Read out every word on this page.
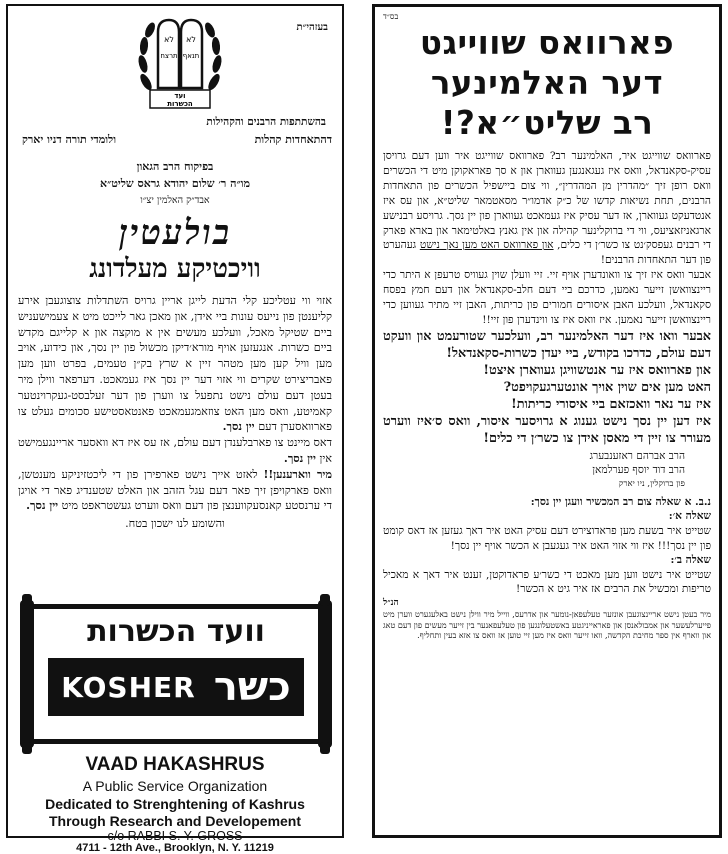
בעזהי״ת
לא
תרצח
לא
תנאף
ועד
הכשרות
בהשתתפות הרבנים והקהילות
דהתאחדות קהלות
ולומדי תורה דניו יארק
בפיקוח הרב הגאון
מו״ה ר׳ שלום יהודא גראס שליט״א
אבד״ק האלמין יצ״ו
בולעטין
וויכטיקע מעלדונג

אזוי ווי עטליכע קלי הדעת לייגן אריין גרויס השתדלות צוצוגעבן אירע קליענטן פון נייעס עונות ביי אידן, און מאכן גאר לייכט מיט א צעמישעניש ביים שטיקל מאכל, וועלכע מעשים אין א מוקצה און א קלייגם מקדש ביים כשרות. אנגעזען אויף מורא׳דיקן מכשול פון יין נסך, און כידוע, אויב מען וויל קען מען מטהר זיין א שרץ בק״ן טעמים, בפרט ווען מען פאבריצירט שקרים ווי אזוי דער יין נסך איז געמאכט. דערפאר ווילן מיר בעטן דעם עולם נישט נתפעל צו ווערן פון דער זעלבסט-געקרוינטער קאמיטע, וואס מען האט צוזאמגעמאכט פאנטאסטישע סכומים געלט צו פארוואסערן דעם יין נסך.

דאס מיינט צו פארבלענדן דעם עולם, אז עס איז דא וואסער אריינגעמישט אין יין נסך.

מיר ווארענען!! לאזט אייך נישט פארפירן פון די ליכטזיניקע מענטשן, וואס פארקויפן זיך פאר דעם עגל הזהב און האלט שטענדיג פאר די אויגן די ערנסטע קאנסעקווענצן פון דעם וואס ווערט געשטראפט מיט יין נסך.

והשומע לנו ישכון בטח.

וועד הכשרות
KOSHER כשר
VAAD HAKASHRUS
A Public Service Organization
Dedicated to Strenghtening of Kashrus
Through Research and Developement
c/o RABBI S. Y. GROSS
4711 - 12th Ave., Brooklyn, N. Y. 11219
בס״ד
פארוואס שווייגט
דער האלמינער
רב שליט״א?!

פארוואס שווייגט איר, האלמינער רב? פארוואס שווייגט איר ווען דעם גרויסן עסיק-סקאנדאל, וואס איז געגאנגען געווארן און א סך פאראקוקן מיט די הכשרים וואס רופן זיך ״מהדרין מן המהדרין״, ווי צום ביישפיל הכשרים פון התאחדות הרבנים, תחת נשיאות קדשו של כ״ק אדמו״ר מסאטמאר שליט״א, און עס איז אנטדעקט געווארן, אז דער עסיק איז געמאכט געווארן פון יין נסך. גרויסע רבנישע ארגאניזאציעס, ווי די ברוקלינער קהילה און אין גאנץ באלטימאר און בארא פארק די רבנים געפסק׳נט צו כשר׳ן די כלים, און פארוואס האט מען נאך נישט געהערט פון דער התאחדות הרבנים!

אבער וואס איז זיך צו וואונדערן אויף זיי. זיי וועלן שוין געוויס טרעפן א היתר כדי ריינצוואשן זייער נאמען, כדרכם ביי דעם חלב-סקאנדאל און דעם חמץ בפסח סקאנדאל, וועלכע האבן איסורים חמורים פון כריתות, האבן זיי מתיר געווען כדי ריינצוואשן זייער נאמען. איז וואס איז צו ווינדערן פון זיי!!

אבער וואו איז דער האלמינער רב, וועלכער שטורעמט און וועקט דעם עולם, כדרכו בקודש, ביי יעדן כשרות-סקאנדאל!

און פארוואס איז ער אנטשוויגן געווארן איצט!

האט מען אים שוין אויך אונטערגעקויפט?

איז ער נאר וואכזאם ביי איסורי כריתות!

איז דען יין נסך נישט גענוג א גרויסער איסור, וואס ס׳איז ווערט מעורר צו זיין די מאסן אידן צו כשר׳ן די כלים!

הרב אברהם ראזענבערג
הרב דוד יוסף פערלמאן
פון ברוקלין, ניו יארק

נ.ב. א שאלה צום רב המכשיר וועגן יין נסך:

שאלה א׳:

שטייט איר בשעת מען פראדוצירט דעם עסיק האט איר דאך געזען אז דאס קומט פון יין נסך!!! איז ווי אזוי האט איר געגעבן א הכשר אויף יין נסך!

שאלה ב׳:

שטייט איר נישט ווען מען מאכט די כשר׳ע פראדוקטן, זענט איר דאך א מאכיל טריפות ומכשיל את הרבים אז איר גיט א הכשר!

הנ״ל
מיר בעטן נישט אריינצוגעבן אונזער טעלעפאן-נומער און אדרעס, ווייל מיר ווילן נישט באלעגערט ווערן מיט פייערלעשער און אמבולאנסן און פאראייניגטע באשטעלונגען פון טעלעפאנער בין זייער מעשים פון דעם טאג און ווארף אין ספר מחיבת הקדשה, וואו זייער וואס איז מען זיי טוען אז וואס צו אזא בעין ותחליף.
